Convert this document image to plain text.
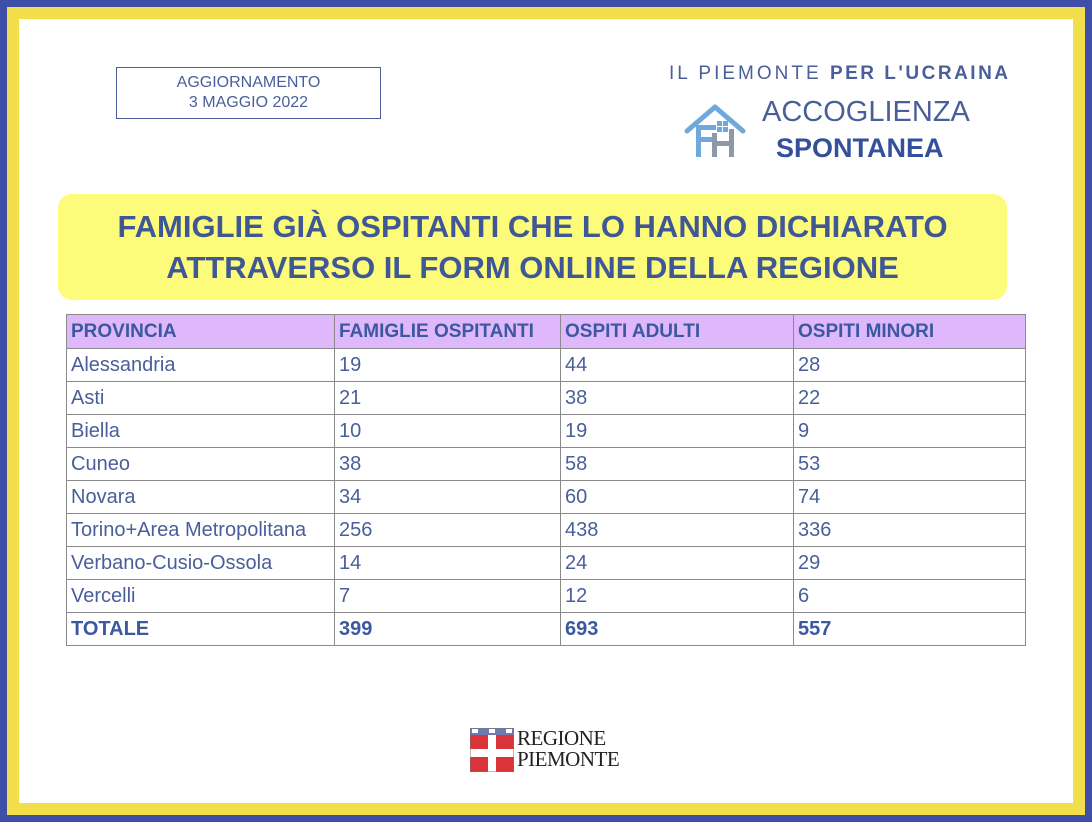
AGGIORNAMENTO
3 MAGGIO 2022
IL PIEMONTE PER L'UCRAINA
ACCOGLIENZA
SPONTANEA
FAMIGLIE GIÀ OSPITANTI CHE LO HANNO DICHIARATO
ATTRAVERSO IL FORM ONLINE DELLA REGIONE
PROVINCIA	FAMIGLIE OSPITANTI	OSPITI ADULTI	OSPITI MINORI
Alessandria	19	44	28
Asti	21	38	22
Biella	10	19	9
Cuneo	38	58	53
Novara	34	60	74
Torino+Area Metropolitana	256	438	336
Verbano-Cusio-Ossola	14	24	29
Vercelli	7	12	6
TOTALE	399	693	557
REGIONE
PIEMONTE
